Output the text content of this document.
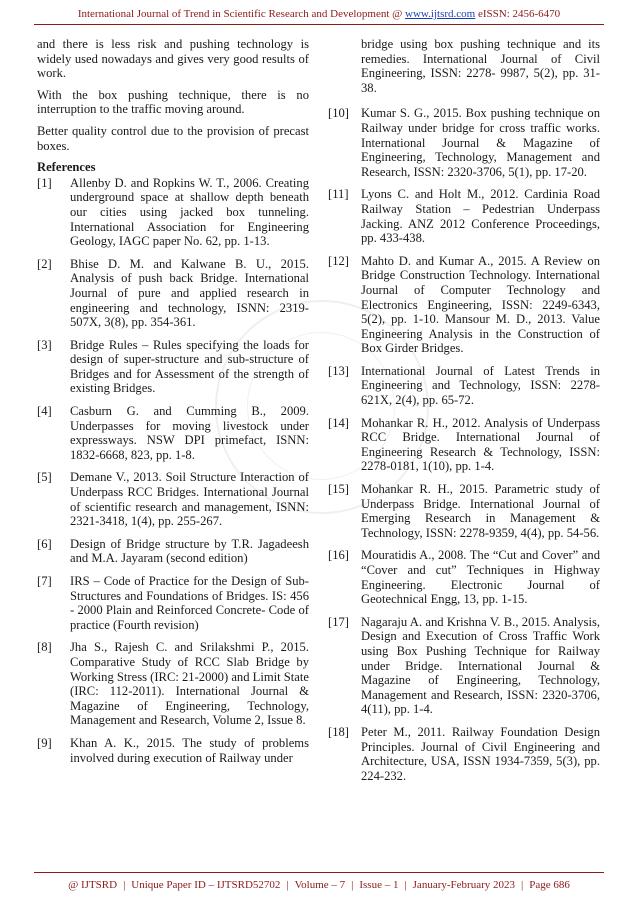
International Journal of Trend in Scientific Research and Development @ www.ijtsrd.com eISSN: 2456-6470

and there is less risk and pushing technology is widely used nowadays and gives very good results of work.

With the box pushing technique, there is no interruption to the traffic moving around.

Better quality control due to the provision of precast boxes.

References
[1]	Allenby D. and Ropkins W. T., 2006. Creating underground space at shallow depth beneath our cities using jacked box tunneling. International Association for Engineering Geology, IAGC paper No. 62, pp. 1-13.
[2]	Bhise D. M. and Kalwane B. U., 2015. Analysis of push back Bridge. International Journal of pure and applied research in engineering and technology, ISNN: 2319-507X, 3(8), pp. 354-361.
[3]	Bridge Rules – Rules specifying the loads for design of super-structure and sub-structure of Bridges and for Assessment of the strength of existing Bridges.
[4]	Casburn G. and Cumming B., 2009. Underpasses for moving livestock under expressways. NSW DPI primefact, ISNN: 1832-6668, 823, pp. 1-8.
[5]	Demane V., 2013. Soil Structure Interaction of Underpass RCC Bridges. International Journal of scientific research and management, ISNN: 2321-3418, 1(4), pp. 255-267.
[6]	Design of Bridge structure by T.R. Jagadeesh and M.A. Jayaram (second edition)
[7]	IRS – Code of Practice for the Design of Sub-Structures and Foundations of Bridges. IS: 456 - 2000 Plain and Reinforced Concrete- Code of practice (Fourth revision)
[8]	Jha S., Rajesh C. and Srilakshmi P., 2015. Comparative Study of RCC Slab Bridge by Working Stress (IRC: 21-2000) and Limit State (IRC: 112-2011). International Journal & Magazine of Engineering, Technology, Management and Research, Volume 2, Issue 8.
[9]	Khan A. K., 2015. The study of problems involved during execution of Railway under
bridge using box pushing technique and its remedies. International Journal of Civil Engineering, ISSN: 2278- 9987, 5(2), pp. 31-38.
[10] Kumar S. G., 2015. Box pushing technique on Railway under bridge for cross traffic works. International Journal & Magazine of Engineering, Technology, Management and Research, ISSN: 2320-3706, 5(1), pp. 17-20.
[11] Lyons C. and Holt M., 2012. Cardinia Road Railway Station – Pedestrian Underpass Jacking. ANZ 2012 Conference Proceedings, pp. 433-438.
[12] Mahto D. and Kumar A., 2015. A Review on Bridge Construction Technology. International Journal of Computer Technology and Electronics Engineering, ISSN: 2249-6343, 5(2), pp. 1-10. Mansour M. D., 2013. Value Engineering Analysis in the Construction of Box Girder Bridges.
[13] International Journal of Latest Trends in Engineering and Technology, ISSN: 2278-621X, 2(4), pp. 65-72.
[14] Mohankar R. H., 2012. Analysis of Underpass RCC Bridge. International Journal of Engineering Research & Technology, ISSN: 2278-0181, 1(10), pp. 1-4.
[15] Mohankar R. H., 2015. Parametric study of Underpass Bridge. International Journal of Emerging Research in Management & Technology, ISSN: 2278-9359, 4(4), pp. 54-56.
[16] Mouratidis A., 2008. The “Cut and Cover” and “Cover and cut” Techniques in Highway Engineering. Electronic Journal of Geotechnical Engg, 13, pp. 1-15.
[17] Nagaraju A. and Krishna V. B., 2015. Analysis, Design and Execution of Cross Traffic Work using Box Pushing Technique for Railway under Bridge. International Journal & Magazine of Engineering, Technology, Management and Research, ISSN: 2320-3706, 4(11), pp. 1-4.
[18] Peter M., 2011. Railway Foundation Design Principles. Journal of Civil Engineering and Architecture, USA, ISSN 1934-7359, 5(3), pp. 224-232.
@ IJTSRD | Unique Paper ID – IJTSRD52702 | Volume – 7 | Issue – 1 | January-February 2023 | Page 686
